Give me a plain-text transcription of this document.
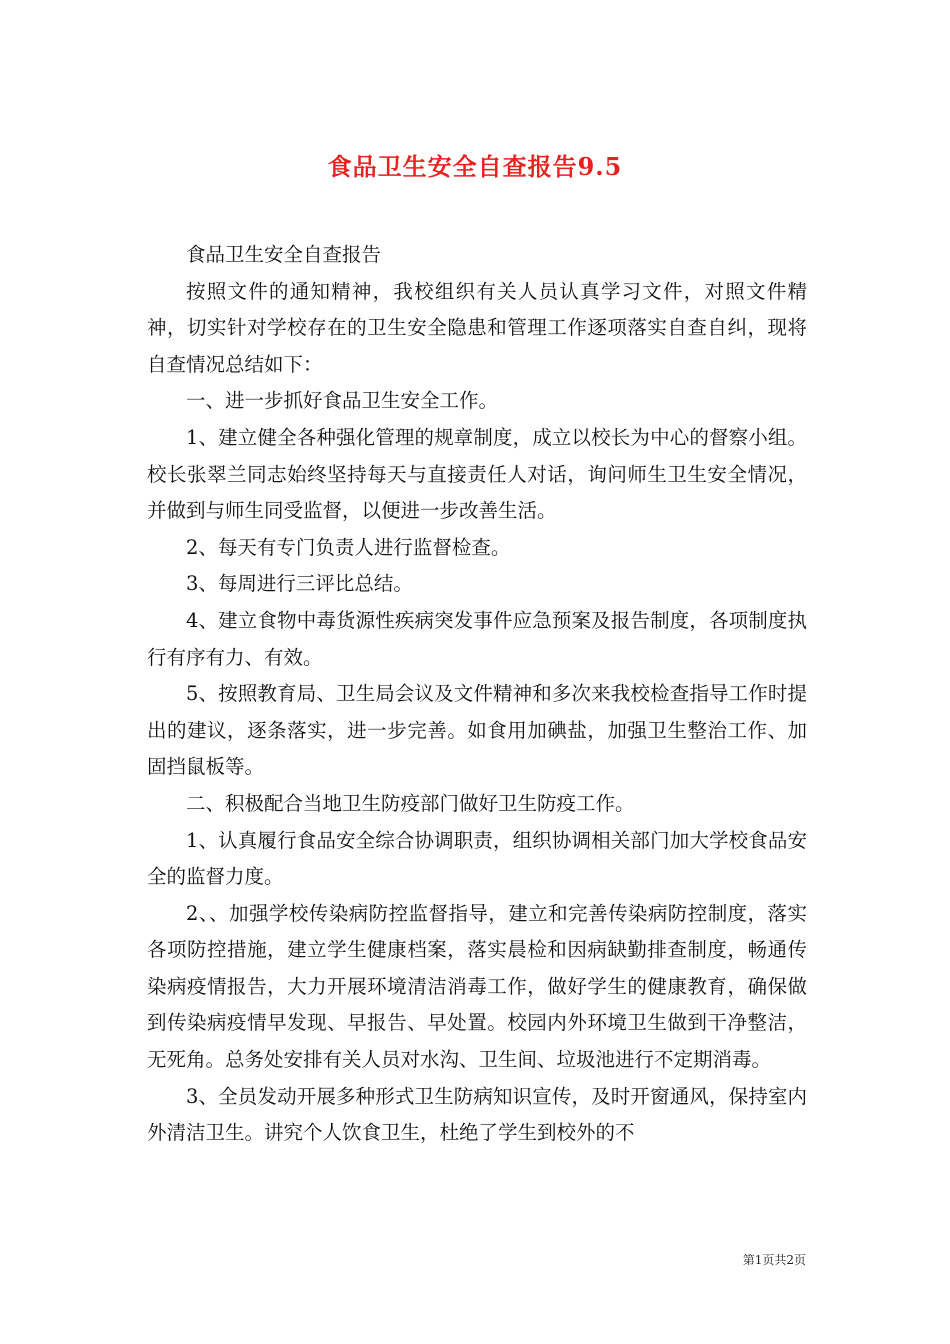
食品卫生安全自查报告9.5

食品卫生安全自查报告

按照文件的通知精神，我校组织有关人员认真学习文件，对照文件精神，切实针对学校存在的卫生安全隐患和管理工作逐项落实自查自纠，现将自查情况总结如下：

一、进一步抓好食品卫生安全工作。

1、建立健全各种强化管理的规章制度，成立以校长为中心的督察小组。校长张翠兰同志始终坚持每天与直接责任人对话，询问师生卫生安全情况，并做到与师生同受监督，以便进一步改善生活。

2、每天有专门负责人进行监督检查。

3、每周进行三评比总结。

4、建立食物中毒货源性疾病突发事件应急预案及报告制度，各项制度执行有序有力、有效。

5、按照教育局、卫生局会议及文件精神和多次来我校检查指导工作时提出的建议，逐条落实，进一步完善。如食用加碘盐，加强卫生整治工作、加固挡鼠板等。

二、积极配合当地卫生防疫部门做好卫生防疫工作。

1、认真履行食品安全综合协调职责，组织协调相关部门加大学校食品安全的监督力度。

2、、加强学校传染病防控监督指导，建立和完善传染病防控制度，落实各项防控措施，建立学生健康档案，落实晨检和因病缺勤排查制度，畅通传染病疫情报告，大力开展环境清洁消毒工作，做好学生的健康教育，确保做到传染病疫情早发现、早报告、早处置。校园内外环境卫生做到干净整洁，无死角。总务处安排有关人员对水沟、卫生间、垃圾池进行不定期消毒。

3、全员发动开展多种形式卫生防病知识宣传，及时开窗通风，保持室内外清洁卫生。讲究个人饮食卫生，杜绝了学生到校外的不

第1页共2页
